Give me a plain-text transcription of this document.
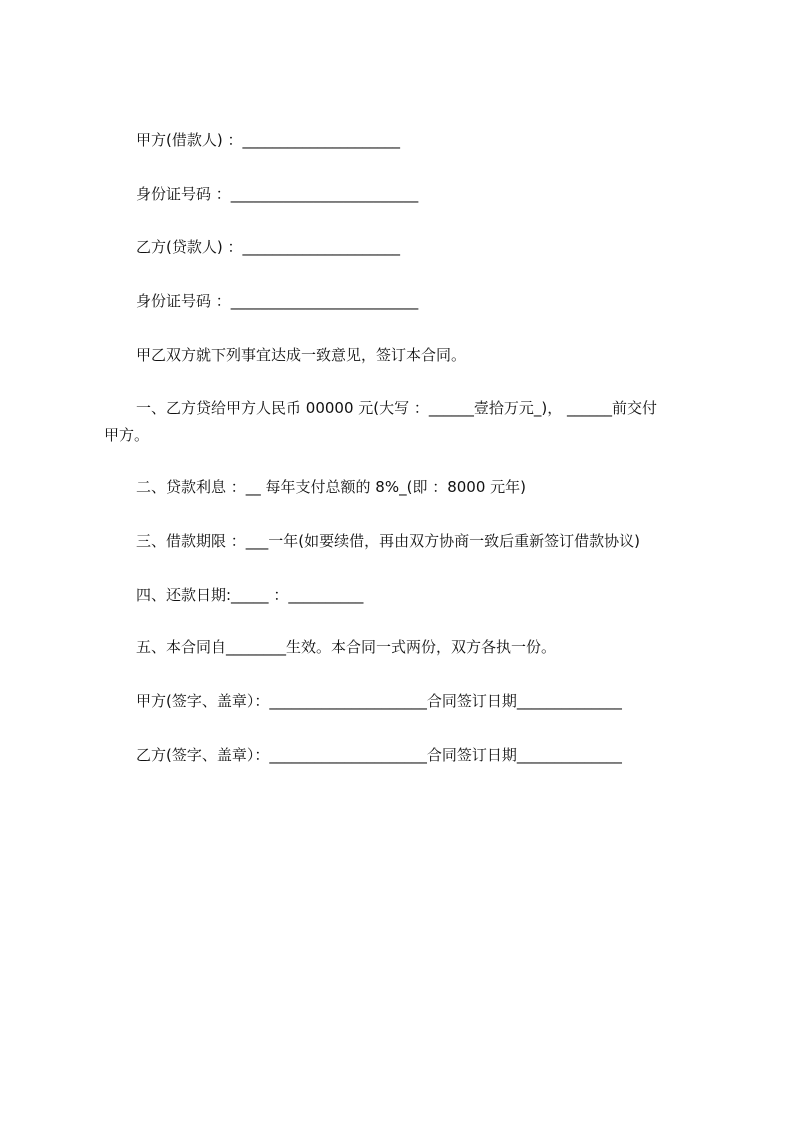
甲方(借款人) ：_____________________
身份证号码 ：_________________________
乙方(贷款人) ：_____________________
身份证号码 ：_________________________
甲乙双方就下列事宜达成一致意见，签订本合同。
一、乙方贷给甲方人民币 00000 元(大写 ：______壹拾万元_)， ______前交付
甲方。
二、贷款利息 ：__ 每年支付总额的 8%_(即 ：8000 元年)
三、借款期限 ：___一年(如要续借，再由双方协商一致后重新签订借款协议)
四、还款日期:_____ ：__________
五、本合同自________生效。本合同一式两份，双方各执一份。
甲方(签字、盖章）：_____________________合同签订日期______________
乙方(签字、盖章）：_____________________合同签订日期______________
